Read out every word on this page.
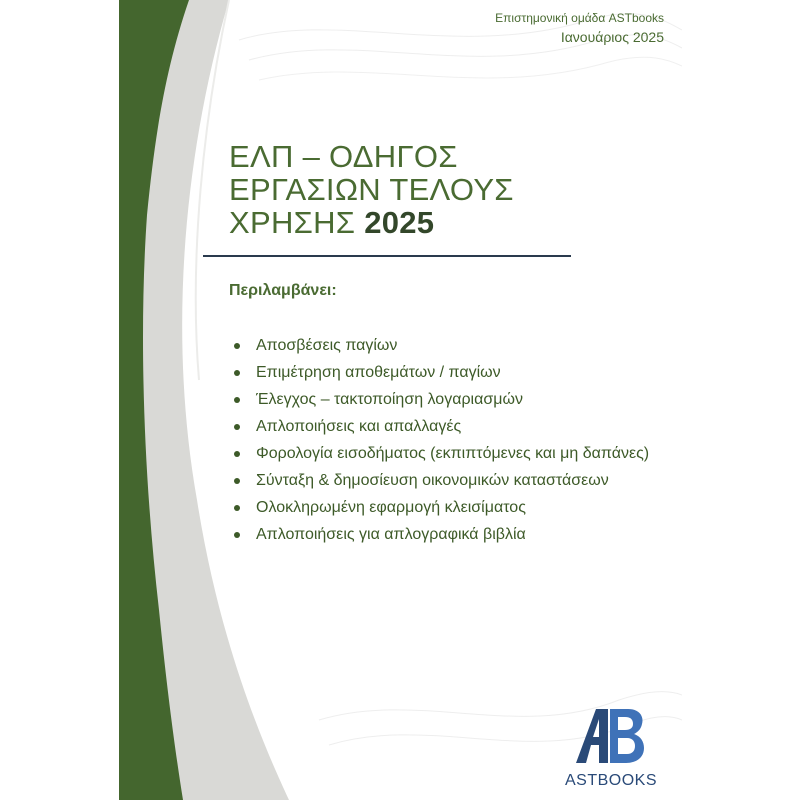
Επιστημονική ομάδα ASTbooks
Ιανουάριος 2025
ΕΛΠ – ΟΔΗΓΟΣ
ΕΡΓΑΣΙΩΝ ΤΕΛΟΥΣ
ΧΡΗΣΗΣ 2025
Περιλαμβάνει:
Αποσβέσεις παγίων
Επιμέτρηση αποθεμάτων / παγίων
Έλεγχος – τακτοποίηση λογαριασμών
Απλοποιήσεις και απαλλαγές
Φορολογία εισοδήματος (εκπιπτόμενες και μη δαπάνες)
Σύνταξη & δημοσίευση οικονομικών καταστάσεων
Ολοκληρωμένη εφαρμογή κλεισίματος
Απλοποιήσεις για απλογραφικά βιβλία
ASTBOOKS
